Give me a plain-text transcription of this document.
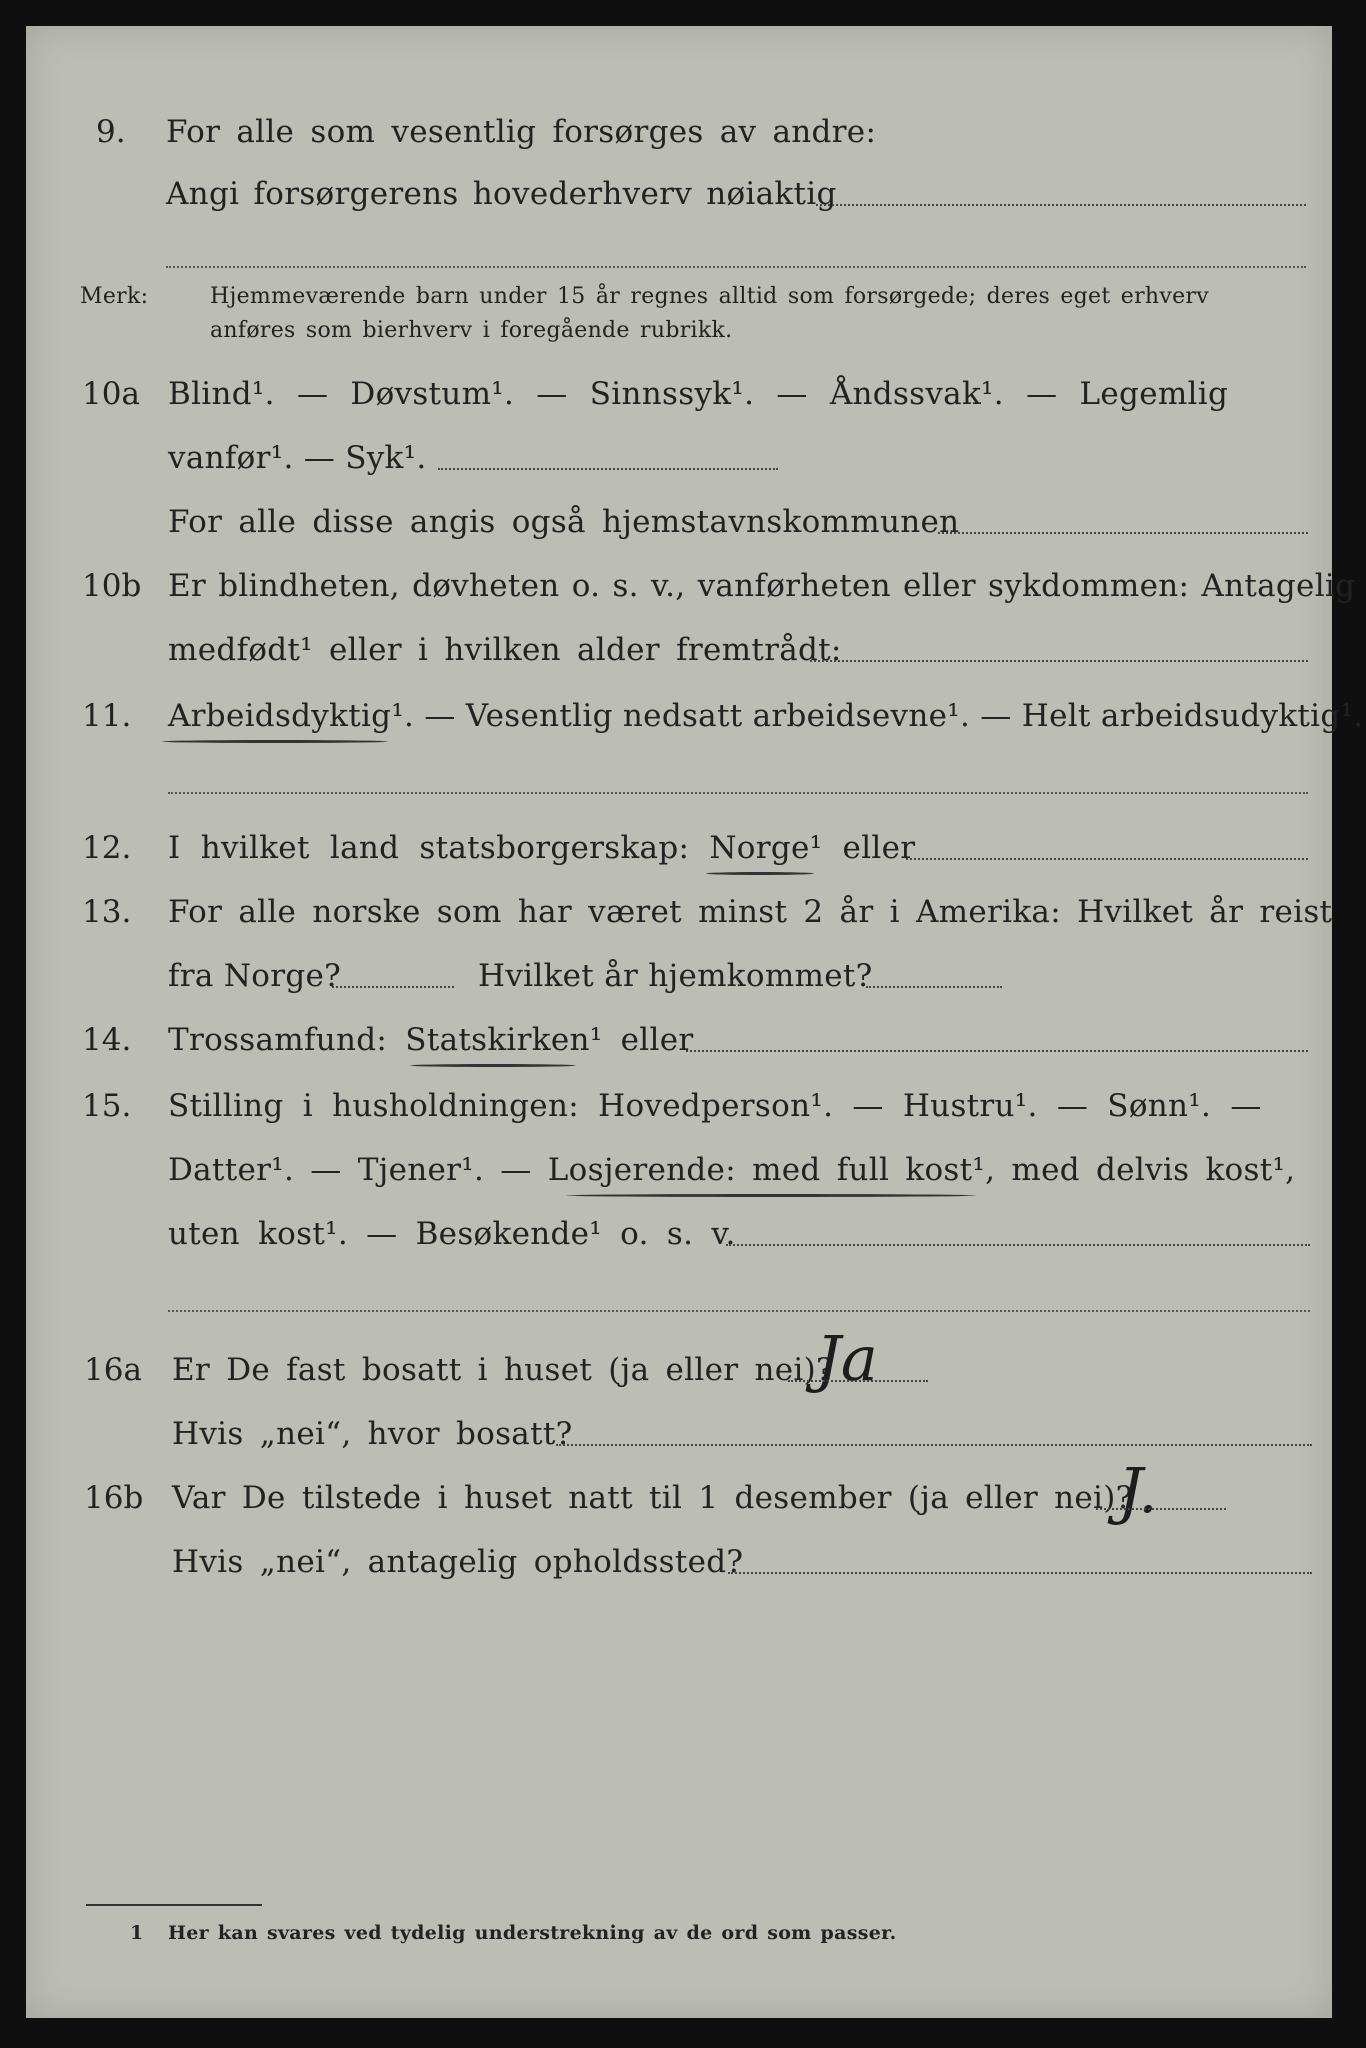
9. For alle som vesentlig forsørges av andre:
Angi forsørgerens hovederhverv nøiaktig
Merk:	Hjemmeværende barn under 15 år regnes alltid som forsørgede; deres eget erhverv
anføres som bierhverv i foregående rubrikk.
10a Blind¹. — Døvstum¹. — Sinnssyk¹. — Åndssvak¹. — Legemlig
vanfør¹. — Syk¹.
For alle disse angis også hjemstavnskommunen
10b Er blindheten, døvheten o. s. v., vanførheten eller sykdommen: Antagelig
medfødt¹ eller i hvilken alder fremtrådt:
11. Arbeidsdyktig¹. — Vesentlig nedsatt arbeidsevne¹. — Helt arbeidsudyktig¹.
12. I hvilket land statsborgerskap: Norge¹ eller
13. For alle norske som har været minst 2 år i Amerika: Hvilket år reist
fra Norge?	Hvilket år hjemkommet?
14. Trossamfund: Statskirken¹ eller
15. Stilling i husholdningen: Hovedperson¹. — Hustru¹. — Sønn¹. —
Datter¹. — Tjener¹. — Losjerende: med full kost¹, med delvis kost¹,
uten kost¹. — Besøkende¹ o. s. v.
16a Er De fast bosatt i huset (ja eller nei)?
Ja
Hvis „nei“, hvor bosatt?
16b Var De tilstede i huset natt til 1 desember (ja eller nei)?
J.
Hvis „nei“, antagelig opholdssted?
1 Her kan svares ved tydelig understrekning av de ord som passer.
